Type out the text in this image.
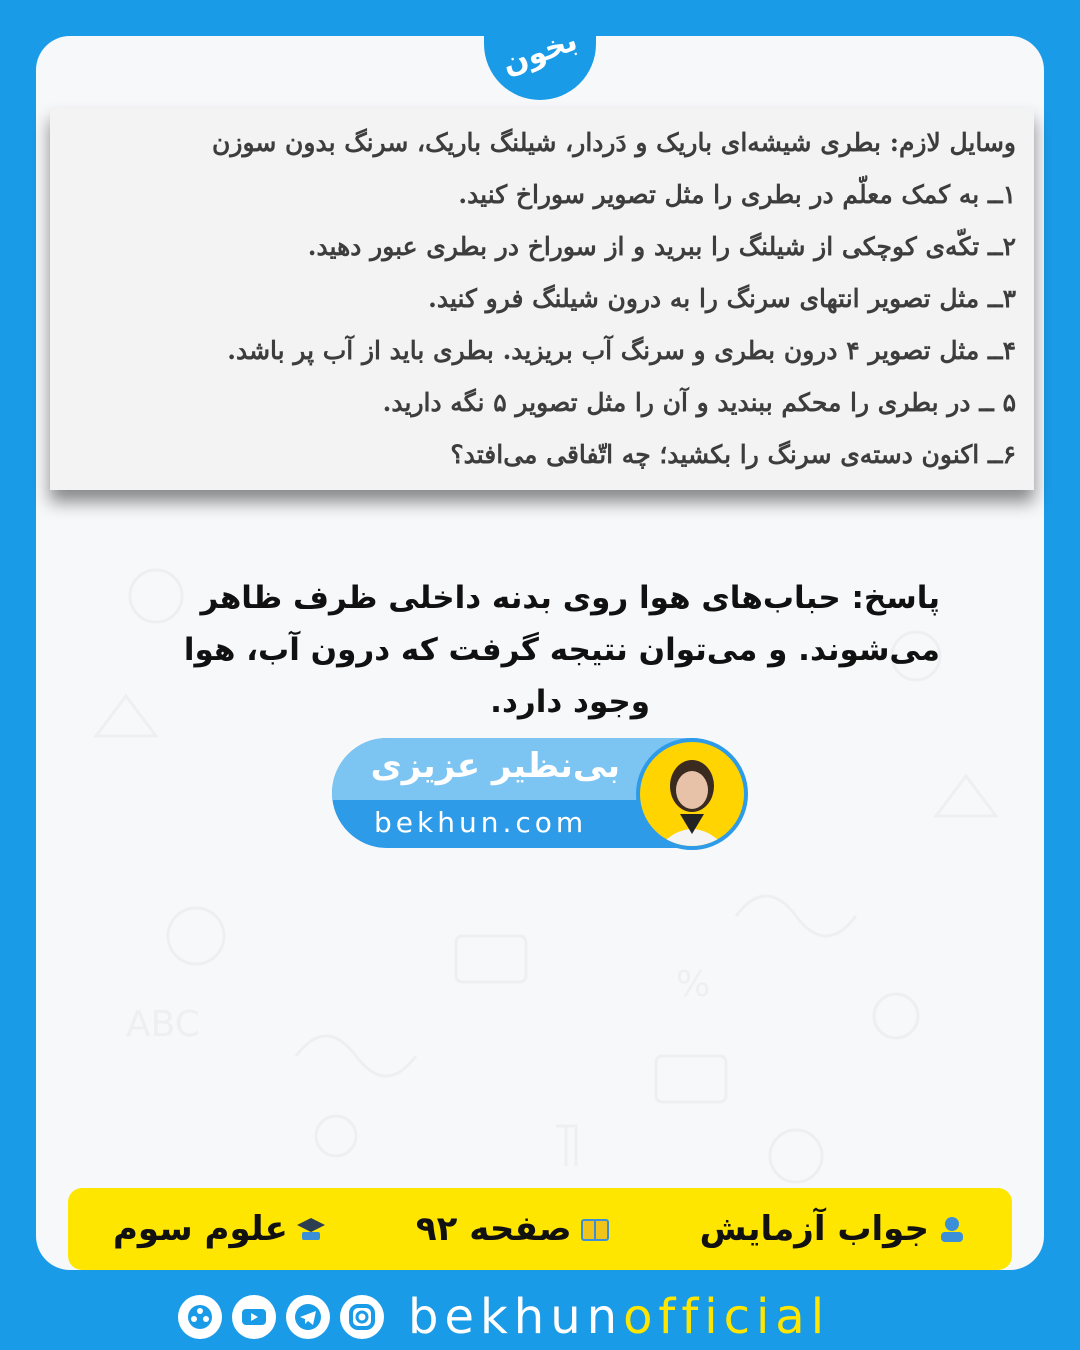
ABC
%
بخون
وسایل لازم: بطری شیشه‌ای باریک و دَردار، شیلنگ باریک، سرنگ بدون سوزن
۱ــ به کمک معلّم در بطری را مثل تصویر سوراخ کنید.
۲ــ تکّه‌ی کوچکی از شیلنگ را ببرید و از سوراخ در بطری عبور دهید.
۳ــ مثل تصویر انتهای سرنگ را به درون شیلنگ فرو کنید.
۴ــ مثل تصویر ۴ درون بطری و سرنگ آب بریزید. بطری باید از آب پر باشد.
۵ ــ در بطری را محکم ببندید و آن را مثل تصویر ۵ نگه دارید.
۶ــ اکنون دسته‌ی سرنگ را بکشید؛ چه اتّفاقی می‌افتد؟
پاسخ: حباب‌های هوا روی بدنه داخلی ظرف ظاهر
می‌شوند. و می‌توان نتیجه گرفت که درون آب، هوا
وجود دارد.
بی‌نظیر عزیزی
bekhun.com
جواب آزمایش
صفحه ۹۲
علوم سوم
bekhunofficial
